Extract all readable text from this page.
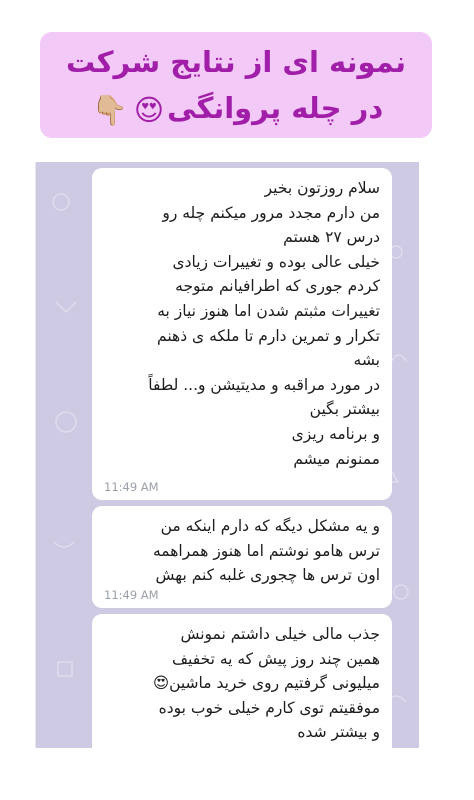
نمونه ای از نتایج شرکت
در چله پروانگی😍👇🏼
سلام روزتون بخیر
من دارم مجدد مرور میکنم چله رو
درس ۲۷ هستم
خیلی عالی بوده و تغییرات زیادی
کردم جوری که اطرافیانم متوجه
تغییرات مثبتم شدن اما هنوز نیاز به
تکرار و تمرین دارم تا ملکه ی ذهنم
بشه
در مورد مراقبه و مدیتیشن و... لطفاً
بیشتر بگین
و برنامه ریزی
ممنونم میشم
11:49 AM
و یه مشکل دیگه که دارم اینکه من
ترس هامو نوشتم اما هنوز همراهمه
اون ترس ها چجوری غلبه کنم بهش
11:49 AM
جذب مالی خیلی داشتم نمونش
همین چند روز پیش که یه تخفیف
میلیونی گرفتیم روی خرید ماشین😍
موفقیتم توی کارم خیلی خوب بوده
و بیشتر شده
